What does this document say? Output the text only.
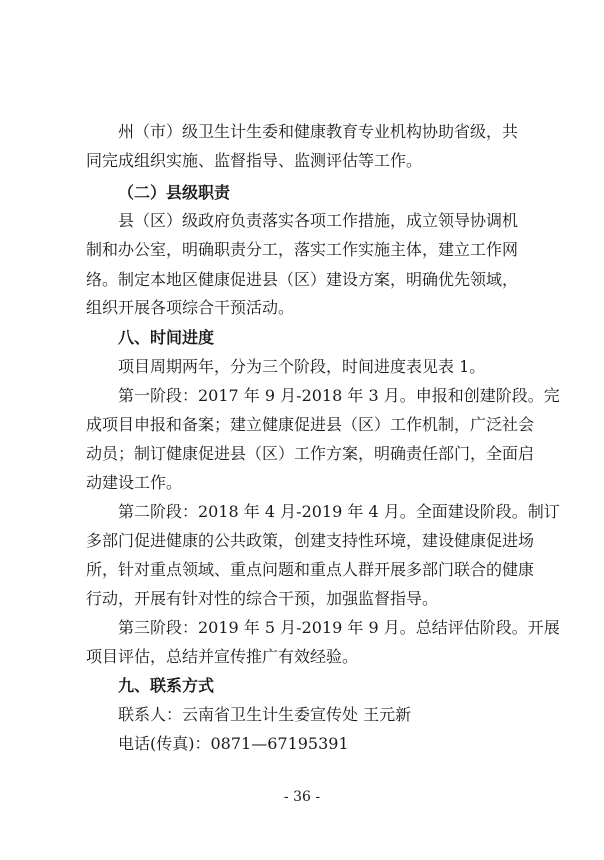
州（市）级卫生计生委和健康教育专业机构协助省级，共
同完成组织实施、监督指导、监测评估等工作。
（二）县级职责
县（区）级政府负责落实各项工作措施，成立领导协调机
制和办公室，明确职责分工，落实工作实施主体，建立工作网
络。制定本地区健康促进县（区）建设方案，明确优先领域，
组织开展各项综合干预活动。
八、时间进度
项目周期两年，分为三个阶段，时间进度表见表 1。
第一阶段：2017 年 9 月-2018 年 3 月。申报和创建阶段。完
成项目申报和备案；建立健康促进县（区）工作机制，广泛社会
动员；制订健康促进县（区）工作方案，明确责任部门，全面启
动建设工作。
第二阶段：2018 年 4 月-2019 年 4 月。全面建设阶段。制订
多部门促进健康的公共政策，创建支持性环境，建设健康促进场
所，针对重点领域、重点问题和重点人群开展多部门联合的健康
行动，开展有针对性的综合干预，加强监督指导。
第三阶段：2019 年 5 月-2019 年 9 月。总结评估阶段。开展
项目评估，总结并宣传推广有效经验。
九、联系方式
联系人：云南省卫生计生委宣传处 王元新
电话(传真)：0871—67195391
- 36 -
